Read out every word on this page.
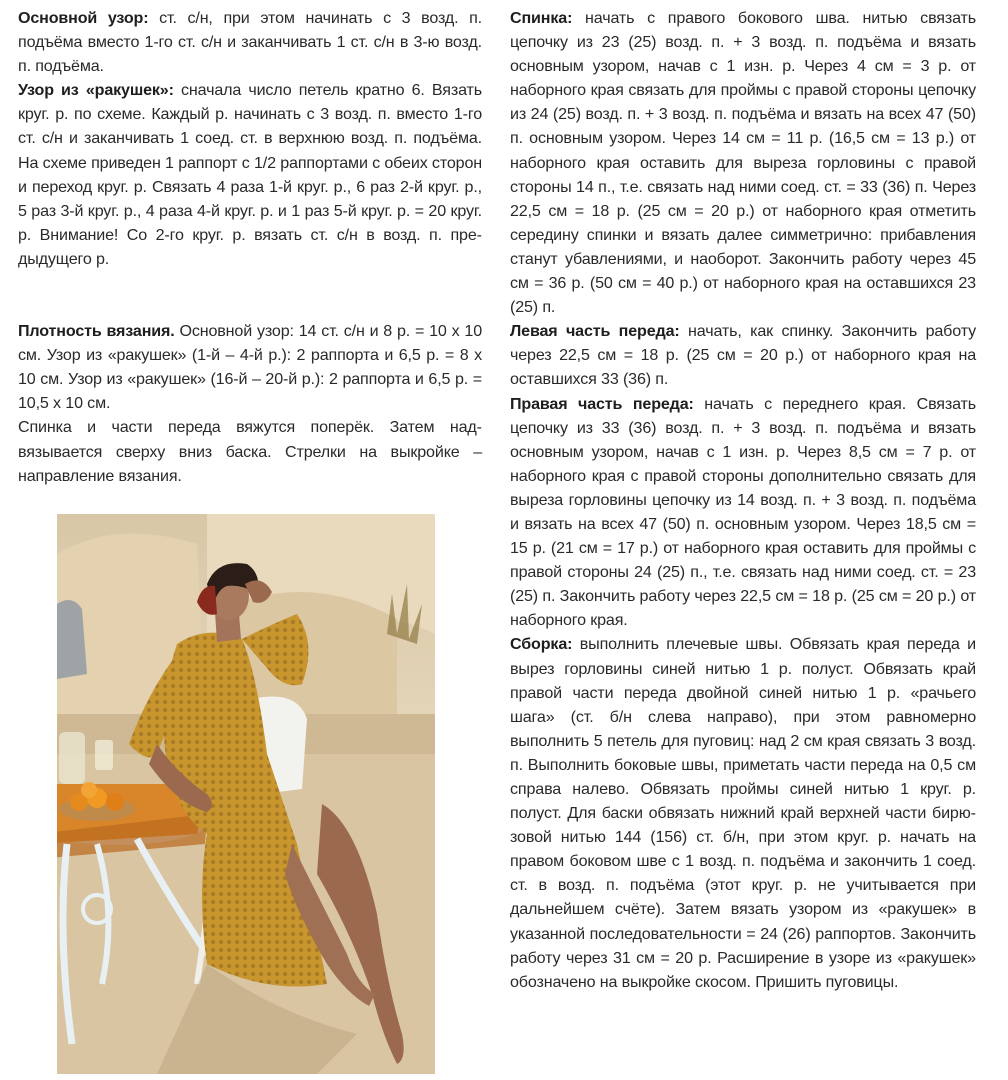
Основной узор: ст. с/н, при этом начинать с 3 возд. п. подъёма вместо 1-го ст. с/н и заканчивать 1 ст. с/н в 3-ю возд. п. подъёма.

Узор из «ракушек»: сначала число петель кратно 6. Вязать круг. р. по схеме. Каждый р. начинать с 3 возд. п. вместо 1-го ст. с/н и заканчивать 1 соед. ст. в верхнюю возд. п. подъёма. На схеме приведен 1 раппорт с 1/2 раппортами с обеих сторон и переход круг. р. Связать 4 раза 1-й круг. р., 6 раз 2-й круг. р., 5 раз 3-й круг. р., 4 раза 4-й круг. р. и 1 раз 5-й круг. р. = 20 круг. р. Внимание! Со 2-го круг. р. вязать ст. с/н в возд. п. предыдущего р.

Плотность вязания. Основной узор: 14 ст. с/н и 8 р. = 10 х 10 см. Узор из «ракушек» (1-й – 4-й р.): 2 раппорта и 6,5 р. = 8 х 10 см. Узор из «ракушек» (16-й – 20-й р.): 2 раппорта и 6,5 р. = 10,5 х 10 см.

Спинка и части переда вяжутся поперёк. Затем надвязывается сверху вниз баска. Стрелки на выкройке – направление вязания.

Спинка: начать с правого бокового шва. нитью связать цепочку из 23 (25) возд. п. + 3 возд. п. подъёма и вязать основным узором, начав с 1 изн. р. Через 4 см = 3 р. от наборного края связать для проймы с правой стороны цепочку из 24 (25) возд. п. + 3 возд. п. подъёма и вязать на всех 47 (50) п. основным узором. Через 14 см = 11 р. (16,5 см = 13 р.) от наборного края оставить для выреза горловины с правой стороны 14 п., т.е. связать над ними соед. ст. = 33 (36) п. Через 22,5 см = 18 р. (25 см = 20 р.) от наборного края отметить середину спинки и вязать далее симметрично: прибавления станут убавлениями, и наоборот. Закончить работу через 45 см = 36 р. (50 см = 40 р.) от наборного края на оставшихся 23 (25) п.

Левая часть переда: начать, как спинку. Закончить работу через 22,5 см = 18 р. (25 см = 20 р.) от наборного края на оставшихся 33 (36) п.

Правая часть переда: начать с переднего края. Связать цепочку из 33 (36) возд. п. + 3 возд. п. подъёма и вязать основным узором, начав с 1 изн. р. Через 8,5 см = 7 р. от наборного края с правой стороны дополнительно связать для выреза горловины цепочку из 14 возд. п. + 3 возд. п. подъёма и вязать на всех 47 (50) п. основным узором. Через 18,5 см = 15 р. (21 см = 17 р.) от наборного края оставить для проймы с правой стороны 24 (25) п., т.е. связать над ними соед. ст. = 23 (25) п. Закончить работу через 22,5 см = 18 р. (25 см = 20 р.) от наборного края.

Сборка: выполнить плечевые швы. Обвязать края переда и вырез горловины синей нитью 1 р. полуст. Обвязать край правой части переда двойной синей нитью 1 р. «рачьего шага» (ст. б/н слева направо), при этом равномерно выполнить 5 петель для пуговиц: над 2 см края связать 3 возд. п. Выполнить боковые швы, приметать части переда на 0,5 см справа налево. Обвязать проймы синей нитью 1 круг. р. полуст. Для баски обвязать нижний край верхней части бирюзовой нитью 144 (156) ст. б/н, при этом круг. р. начать на правом боковом шве с 1 возд. п. подъёма и закончить 1 соед. ст. в возд. п. подъёма (этот круг. р. не учитывается при дальнейшем счёте). Затем вязать узором из «ракушек» в указанной последовательности = 24 (26) раппортов. Закончить работу через 31 см = 20 р. Расширение в узоре из «ракушек» обозначено на выкройке скосом. Пришить пуговицы.
